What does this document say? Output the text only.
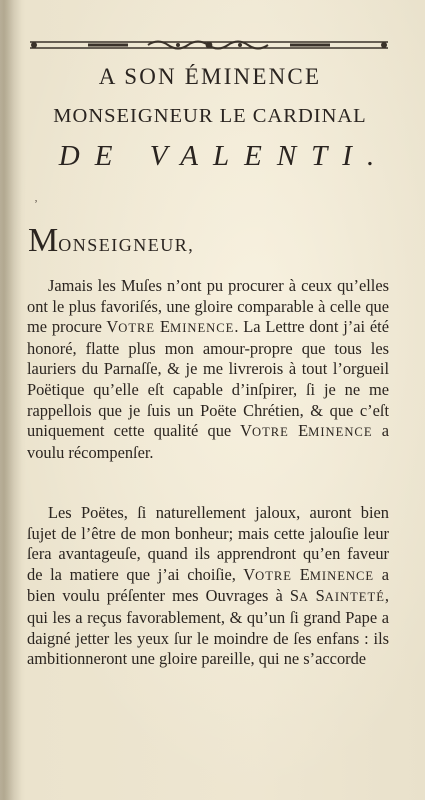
A SON ÉMINENCE
MONSEIGNEUR LE CARDINAL
DE VALENTI.
‚
MONSEIGNEUR,

Jamais les Muſes n’ont pu procurer à ceux qu’elles ont le plus favoriſés, une gloire comparable à celle que me procure VOTRE EMINENCE. La Lettre dont j’ai été honoré, flatte plus mon amour-propre que tous les lauriers du Parnaſſe, & je me livrerois à tout l’orgueil Poëtique qu’elle eſt capable d’inſpirer, ſi je ne me rappellois que je ſuis un Poëte Chrétien, & que c’eſt uniquement cette qualité que VOTRE EMINENCE a voulu récompenſer.

Les Poëtes, ſi naturellement jaloux, auront bien ſujet de l’être de mon bonheur; mais cette jalouſie leur ſera avantageuſe, quand ils apprendront qu’en faveur de la matiere que j’ai choiſie, VOTRE EMINENCE a bien voulu préſenter mes Ouvrages à SA SAINTETÉ, qui les a reçus favorablement, & qu’un ſi grand Pape a daigné jetter les yeux ſur le moindre de ſes enfans : ils ambitionneront une gloire pareille, qui ne s’accorde
